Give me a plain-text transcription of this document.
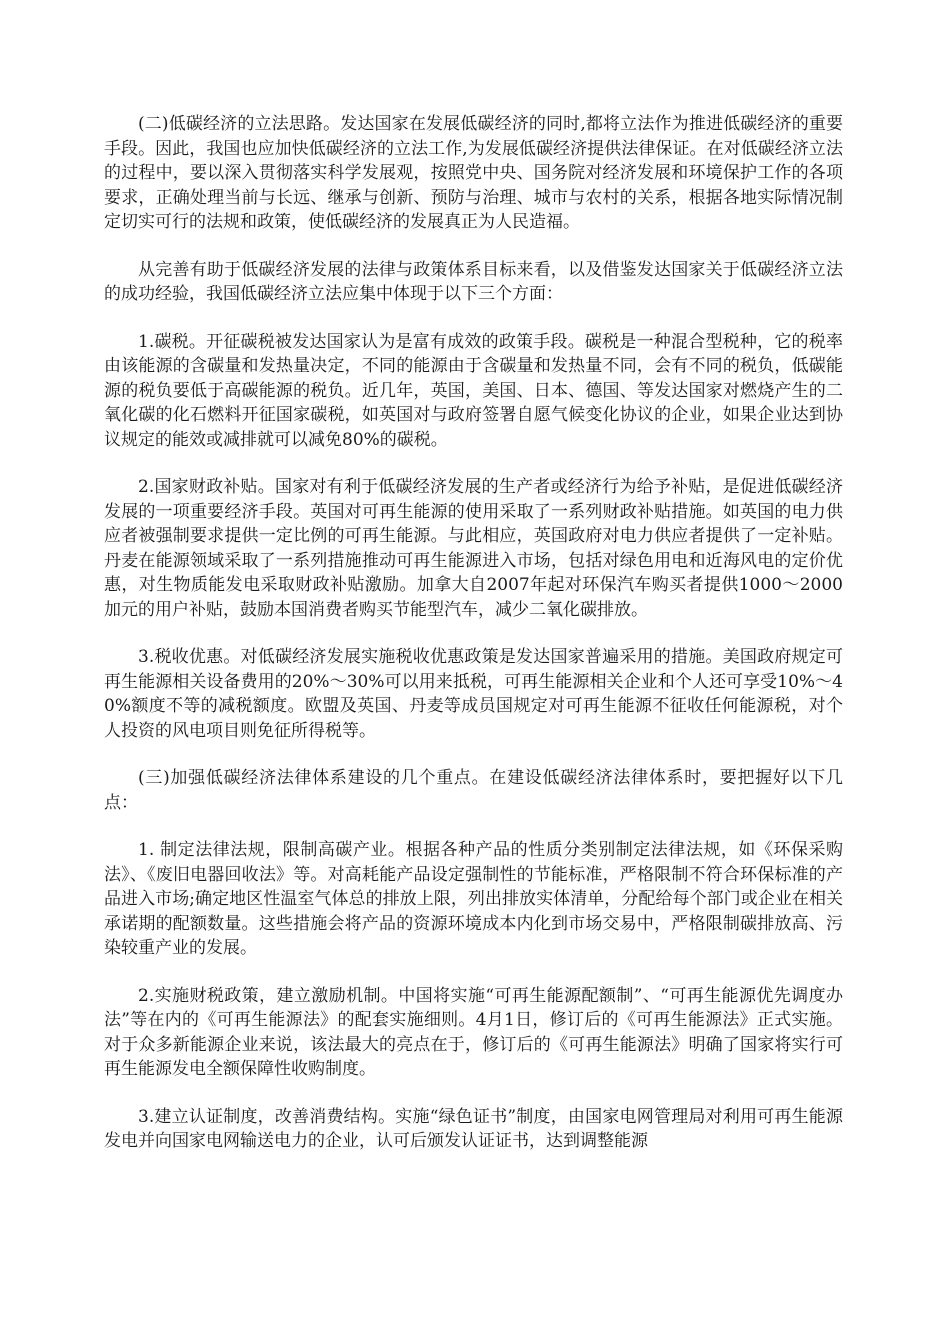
(二)低碳经济的立法思路。发达国家在发展低碳经济的同时,都将立法作为推进低碳经济的重要手段。因此，我国也应加快低碳经济的立法工作,为发展低碳经济提供法律保证。在对低碳经济立法的过程中，要以深入贯彻落实科学发展观，按照党中央、国务院对经济发展和环境保护工作的各项要求，正确处理当前与长远、继承与创新、预防与治理、城市与农村的关系，根据各地实际情况制定切实可行的法规和政策，使低碳经济的发展真正为人民造福。

从完善有助于低碳经济发展的法律与政策体系目标来看，以及借鉴发达国家关于低碳经济立法的成功经验，我国低碳经济立法应集中体现于以下三个方面：

1.碳税。开征碳税被发达国家认为是富有成效的政策手段。碳税是一种混合型税种，它的税率由该能源的含碳量和发热量决定，不同的能源由于含碳量和发热量不同，会有不同的税负，低碳能源的税负要低于高碳能源的税负。近几年，英国，美国、日本、德国、等发达国家对燃烧产生的二氧化碳的化石燃料开征国家碳税，如英国对与政府签署自愿气候变化协议的企业，如果企业达到协议规定的能效或减排就可以减免80%的碳税。

2.国家财政补贴。国家对有利于低碳经济发展的生产者或经济行为给予补贴，是促进低碳经济发展的一项重要经济手段。英国对可再生能源的使用采取了一系列财政补贴措施。如英国的电力供应者被强制要求提供一定比例的可再生能源。与此相应，英国政府对电力供应者提供了一定补贴。丹麦在能源领域采取了一系列措施推动可再生能源进入市场，包括对绿色用电和近海风电的定价优惠，对生物质能发电采取财政补贴激励。加拿大自2007年起对环保汽车购买者提供1000～2000加元的用户补贴，鼓励本国消费者购买节能型汽车，减少二氧化碳排放。

3.税收优惠。对低碳经济发展实施税收优惠政策是发达国家普遍采用的措施。美国政府规定可再生能源相关设备费用的20%～30%可以用来抵税，可再生能源相关企业和个人还可享受10%～40%额度不等的减税额度。欧盟及英国、丹麦等成员国规定对可再生能源不征收任何能源税，对个人投资的风电项目则免征所得税等。

(三)加强低碳经济法律体系建设的几个重点。在建设低碳经济法律体系时，要把握好以下几点：

1. 制定法律法规，限制高碳产业。根据各种产品的性质分类别制定法律法规，如《环保采购法》、《废旧电器回收法》等。对高耗能产品设定强制性的节能标准，严格限制不符合环保标准的产品进入市场;确定地区性温室气体总的排放上限，列出排放实体清单，分配给每个部门或企业在相关承诺期的配额数量。这些措施会将产品的资源环境成本内化到市场交易中，严格限制碳排放高、污染较重产业的发展。

2.实施财税政策，建立激励机制。中国将实施“可再生能源配额制”、“可再生能源优先调度办法”等在内的《可再生能源法》的配套实施细则。4月1日，修订后的《可再生能源法》正式实施。对于众多新能源企业来说，该法最大的亮点在于，修订后的《可再生能源法》明确了国家将实行可再生能源发电全额保障性收购制度。

3.建立认证制度，改善消费结构。实施“绿色证书”制度，由国家电网管理局对利用可再生能源发电并向国家电网输送电力的企业，认可后颁发认证证书，达到调整能源
